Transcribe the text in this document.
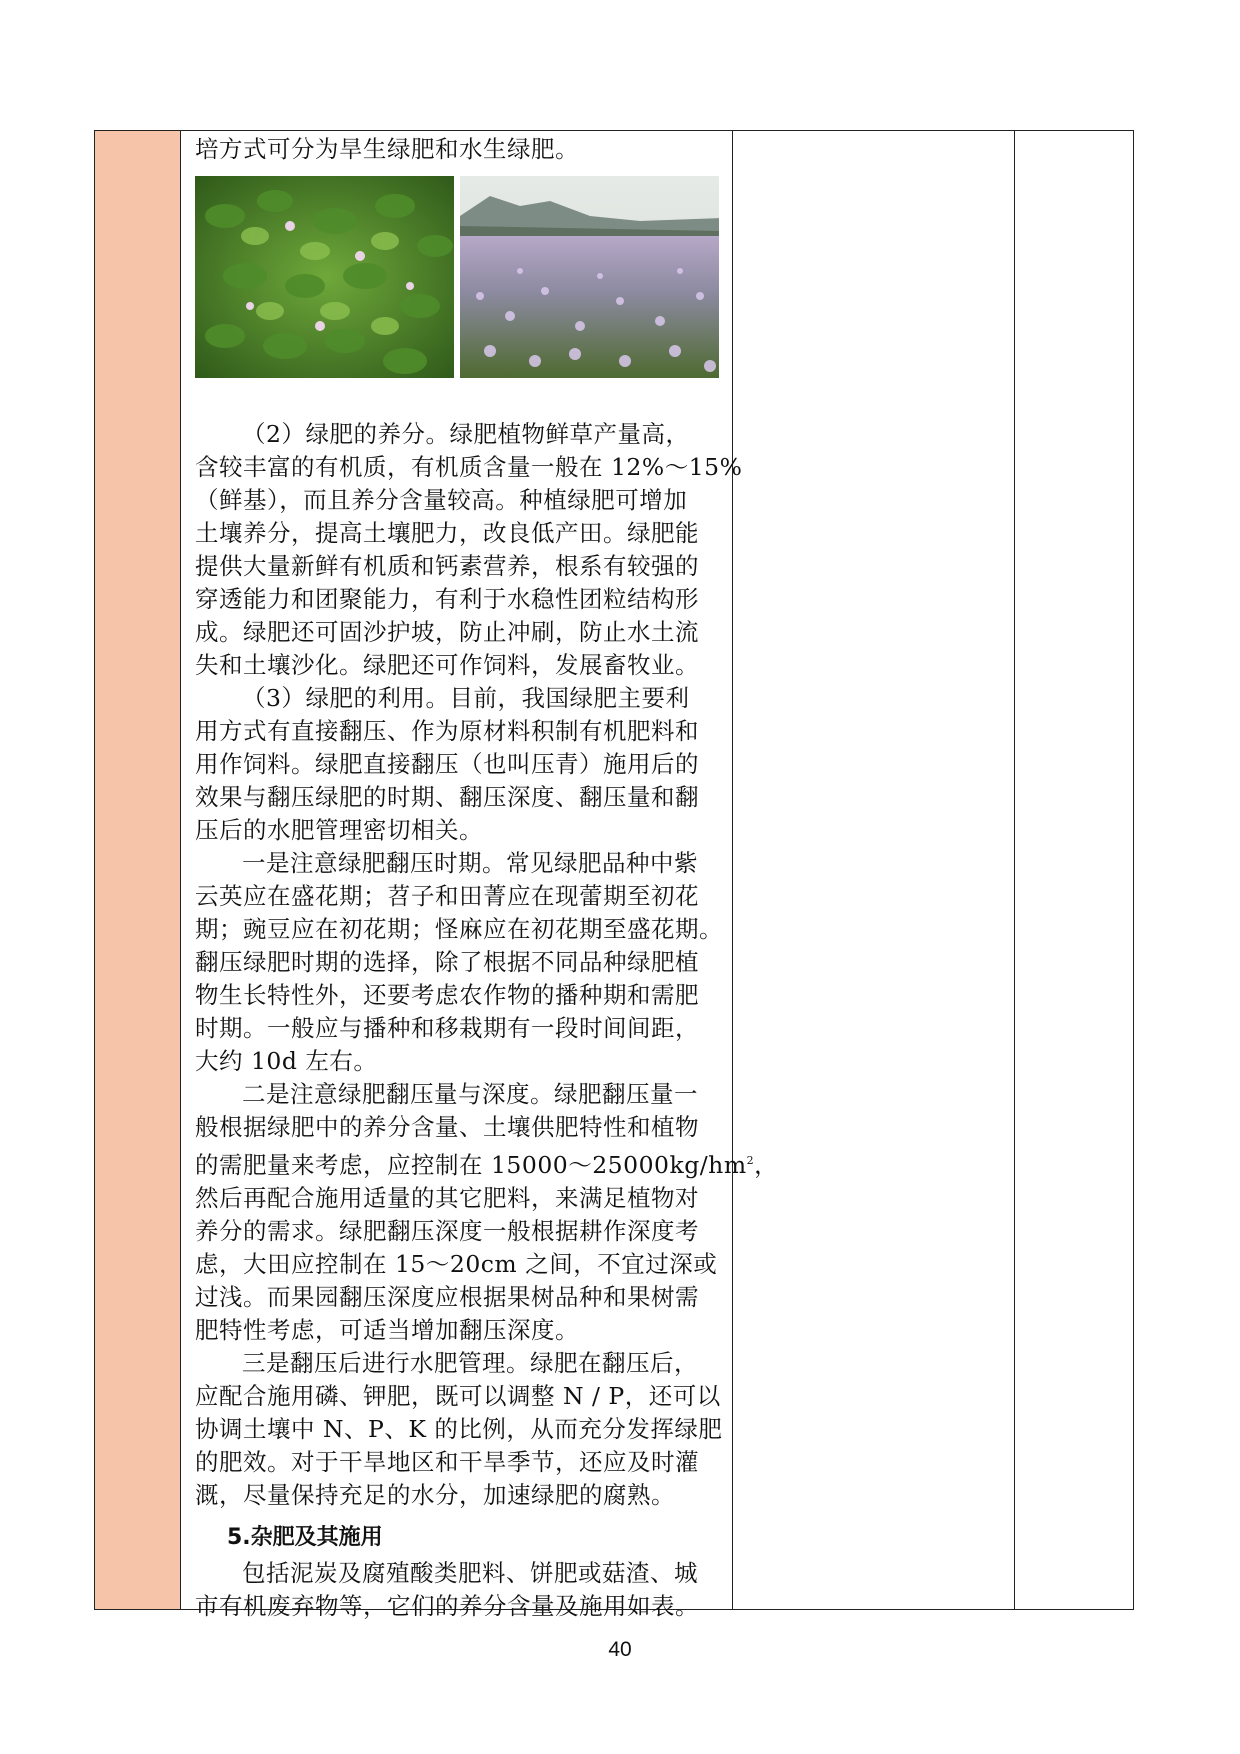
培方式可分为旱生绿肥和水生绿肥。
（2）绿肥的养分。绿肥植物鲜草产量高，
含较丰富的有机质，有机质含量一般在 12%～15%
（鲜基），而且养分含量较高。种植绿肥可增加
土壤养分，提高土壤肥力，改良低产田。绿肥能
提供大量新鲜有机质和钙素营养，根系有较强的
穿透能力和团聚能力，有利于水稳性团粒结构形
成。绿肥还可固沙护坡，防止冲刷，防止水土流
失和土壤沙化。绿肥还可作饲料，发展畜牧业。
（3）绿肥的利用。目前，我国绿肥主要利
用方式有直接翻压、作为原材料积制有机肥料和
用作饲料。绿肥直接翻压（也叫压青）施用后的
效果与翻压绿肥的时期、翻压深度、翻压量和翻
压后的水肥管理密切相关。
一是注意绿肥翻压时期。常见绿肥品种中紫
云英应在盛花期；苕子和田菁应在现蕾期至初花
期；豌豆应在初花期；怪麻应在初花期至盛花期。
翻压绿肥时期的选择，除了根据不同品种绿肥植
物生长特性外，还要考虑农作物的播种期和需肥
时期。一般应与播种和移栽期有一段时间间距，
大约 10d 左右。
二是注意绿肥翻压量与深度。绿肥翻压量一
般根据绿肥中的养分含量、土壤供肥特性和植物
的需肥量来考虑，应控制在 $15000\sim 25000kg/hm^2$，
然后再配合施用适量的其它肥料，来满足植物对
养分的需求。绿肥翻压深度一般根据耕作深度考
虑，大田应控制在 15～20cm 之间，不宜过深或
过浅。而果园翻压深度应根据果树品种和果树需
肥特性考虑，可适当增加翻压深度。
三是翻压后进行水肥管理。绿肥在翻压后，
应配合施用磷、钾肥，既可以调整 N / P，还可以
协调土壤中 N、P、K 的比例，从而充分发挥绿肥
的肥效。对于干旱地区和干旱季节，还应及时灌
溉，尽量保持充足的水分，加速绿肥的腐熟。
5.杂肥及其施用
包括泥炭及腐殖酸类肥料、饼肥或菇渣、城
市有机废弃物等，它们的养分含量及施用如表。
40
